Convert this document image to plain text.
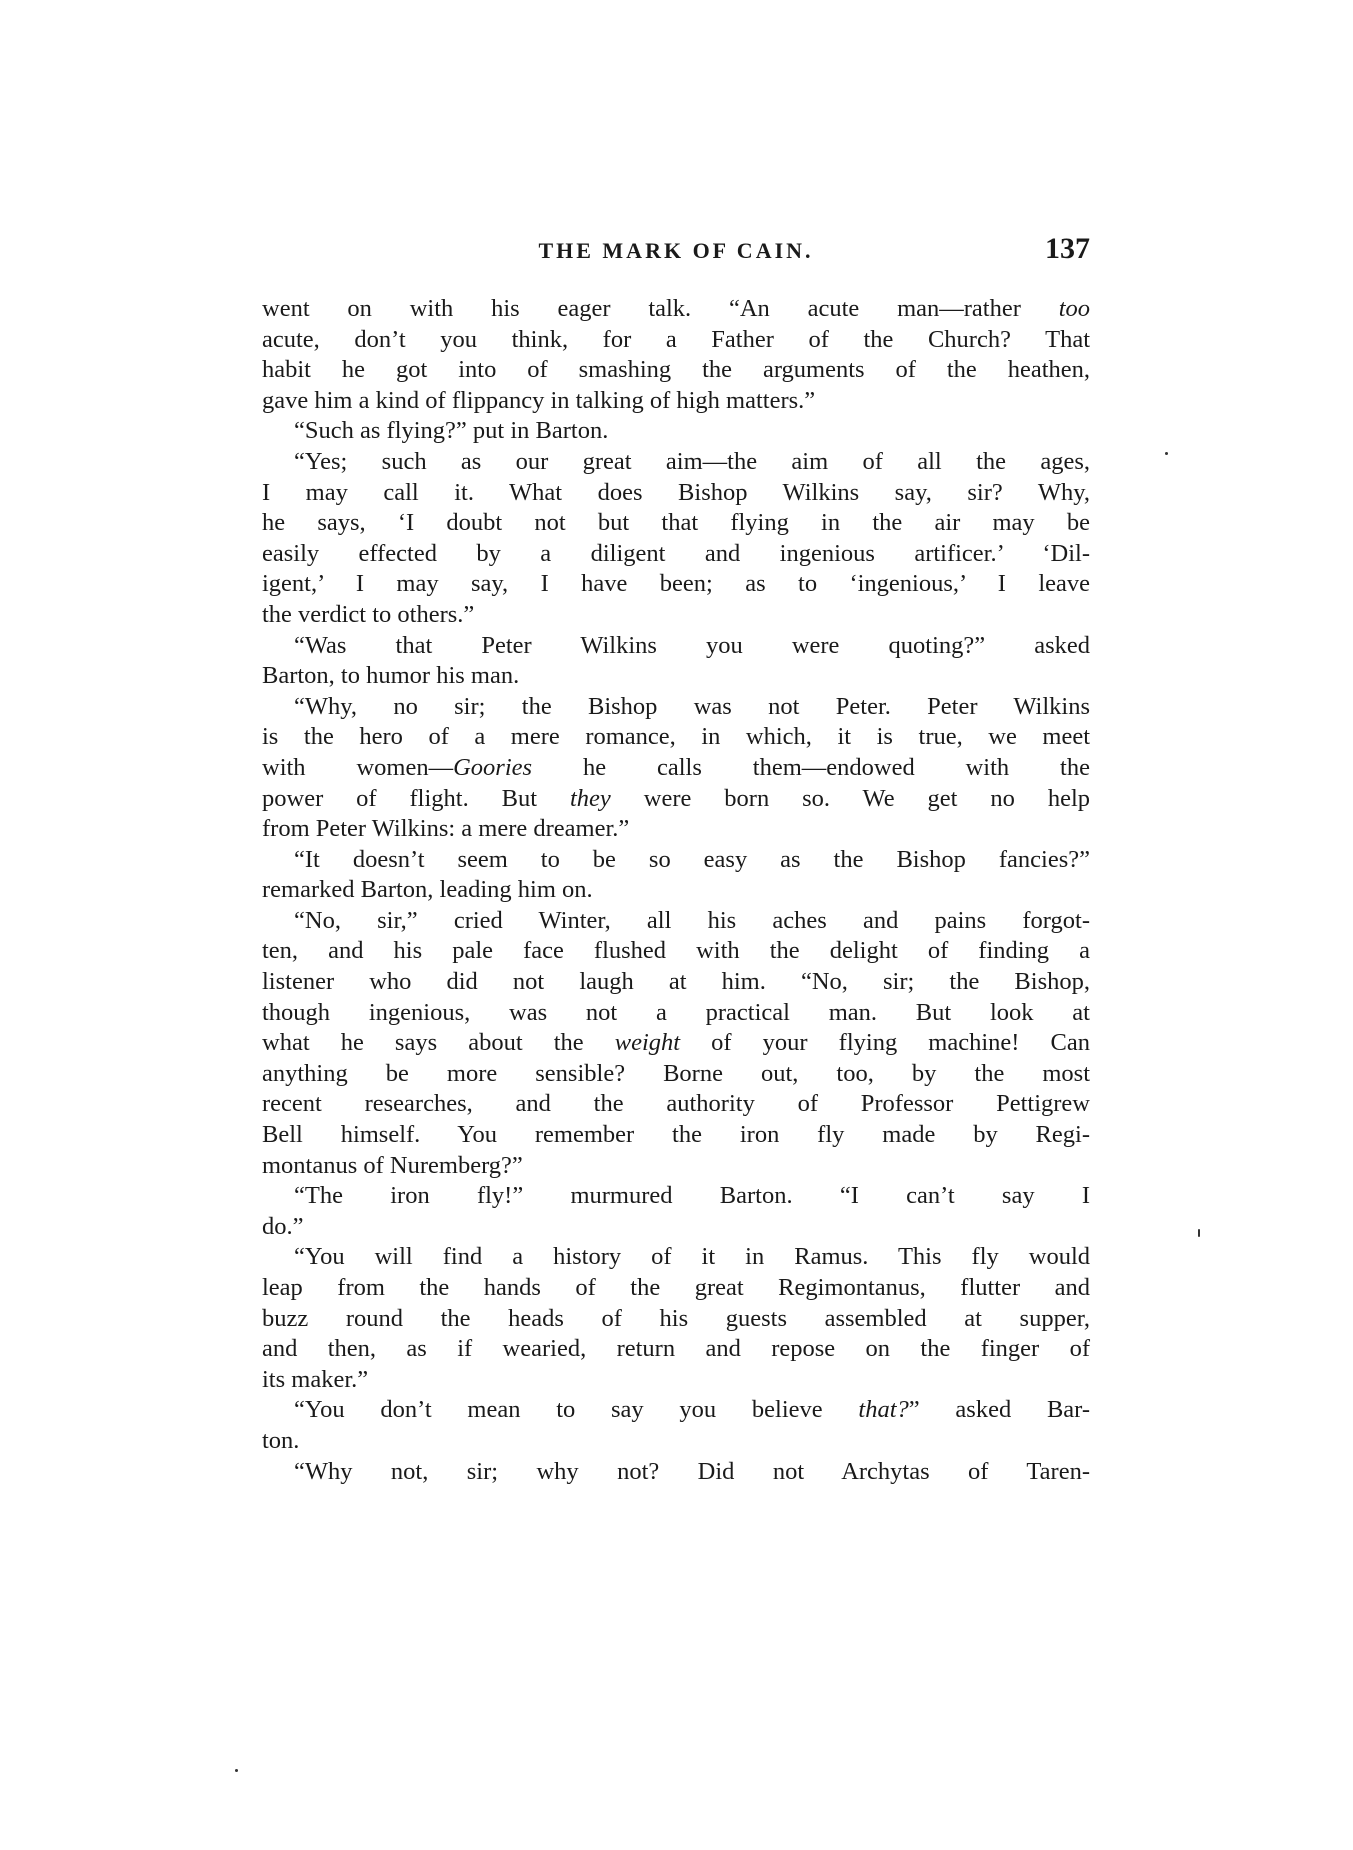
THE MARK OF CAIN.	137
went on with his eager talk. “An acute man—rather too
acute, don’t you think, for a Father of the Church? That
habit he got into of smashing the arguments of the heathen,
gave him a kind of flippancy in talking of high matters.”
“Such as flying?” put in Barton.
“Yes; such as our great aim—the aim of all the ages,
I may call it. What does Bishop Wilkins say, sir? Why,
he says, ‘I doubt not but that flying in the air may be
easily effected by a diligent and ingenious artificer.’ ‘Dil-
igent,’ I may say, I have been; as to ‘ingenious,’ I leave
the verdict to others.”
“Was that Peter Wilkins you were quoting?” asked
Barton, to humor his man.
“Why, no sir; the Bishop was not Peter. Peter Wilkins
is the hero of a mere romance, in which, it is true, we meet
with women—Goories he calls them—endowed with the
power of flight. But they were born so. We get no help
from Peter Wilkins: a mere dreamer.”
“It doesn’t seem to be so easy as the Bishop fancies?”
remarked Barton, leading him on.
“No, sir,” cried Winter, all his aches and pains forgot-
ten, and his pale face flushed with the delight of finding a
listener who did not laugh at him. “No, sir; the Bishop,
though ingenious, was not a practical man. But look at
what he says about the weight of your flying machine! Can
anything be more sensible? Borne out, too, by the most
recent researches, and the authority of Professor Pettigrew
Bell himself. You remember the iron fly made by Regi-
montanus of Nuremberg?”
“The iron fly!” murmured Barton. “I can’t say I
do.”
“You will find a history of it in Ramus. This fly would
leap from the hands of the great Regimontanus, flutter and
buzz round the heads of his guests assembled at supper,
and then, as if wearied, return and repose on the finger of
its maker.”
“You don’t mean to say you believe that?” asked Bar-
ton.
“Why not, sir; why not? Did not Archytas of Taren-
